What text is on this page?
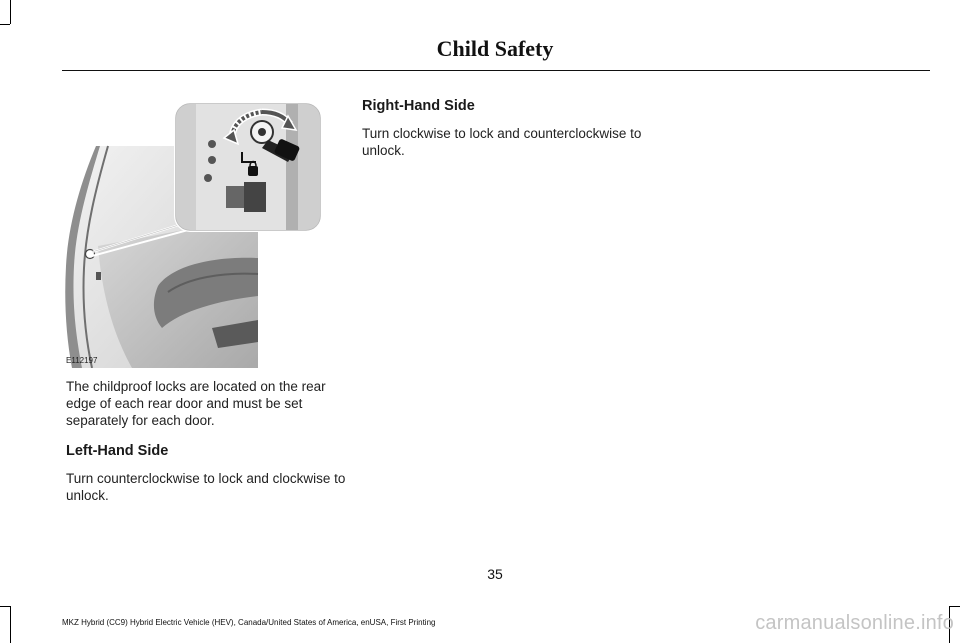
Child Safety
E112197

The childproof locks are located on the rear edge of each rear door and must be set separately for each door.

Left-Hand Side

Turn counterclockwise to lock and clockwise to unlock.

Right-Hand Side

Turn clockwise to lock and counterclockwise to unlock.

35
MKZ Hybrid (CC9) Hybrid Electric Vehicle (HEV), Canada/United States of America, enUSA, First Printing	carmanualsonline.info
